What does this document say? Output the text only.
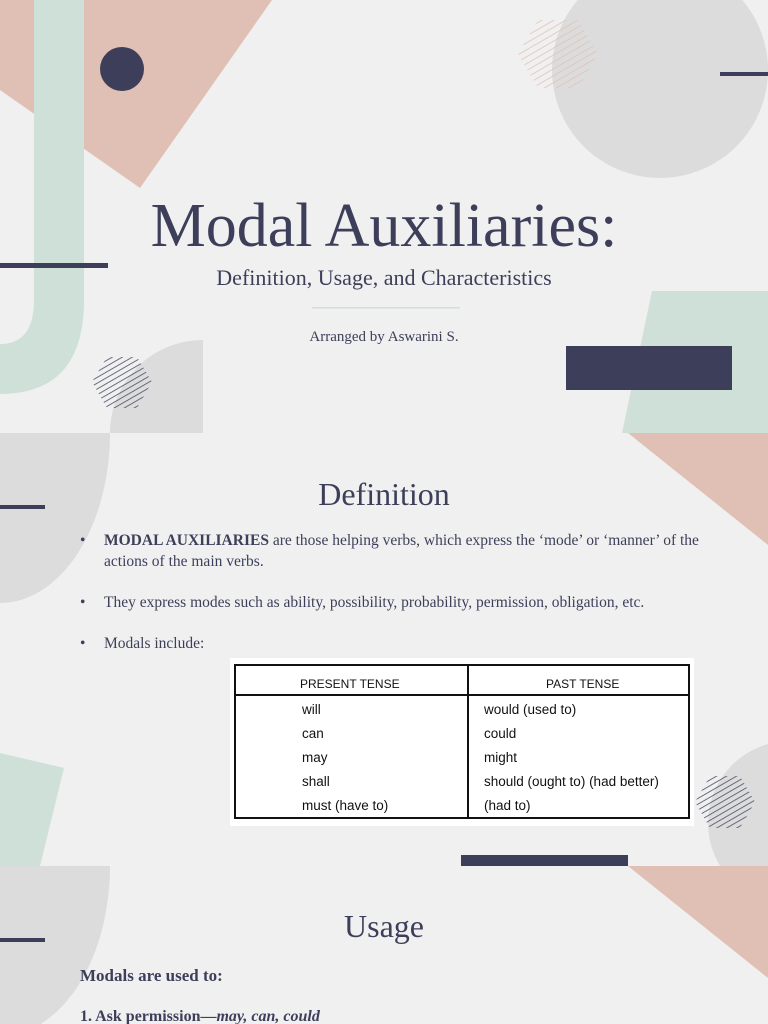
Modal Auxiliaries:

Definition, Usage, and Characteristics

Arranged by Aswarini S.
Definition
• MODAL AUXILIARIES are those helping verbs, which express the ‘mode’ or ‘manner’ of the actions of the main verbs.
• They express modes such as ability, possibility, probability, permission, obligation, etc.
• Modals include:
PRESENT TENSE	PAST TENSE
will	would (used to)
can	could
may	might
shall	should (ought to) (had better)
must (have to)	(had to)
Usage

Modals are used to:

1. Ask permission—may, can, could
